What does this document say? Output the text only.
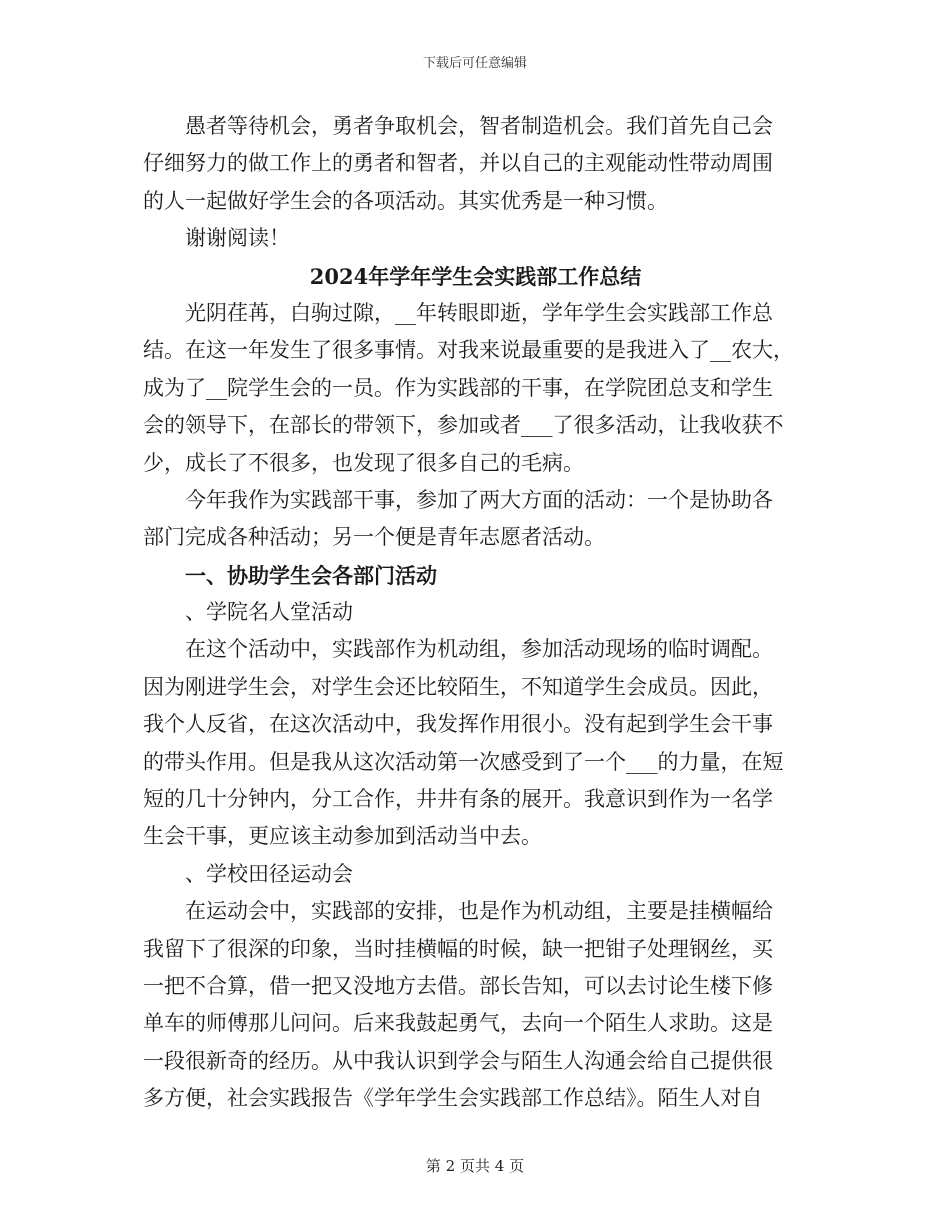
下载后可任意编辑
愚者等待机会，勇者争取机会，智者制造机会。我们首先自己会
仔细努力的做工作上的勇者和智者，并以自己的主观能动性带动周围
的人一起做好学生会的各项活动。其实优秀是一种习惯。
谢谢阅读！
2024年学年学生会实践部工作总结
光阴荏苒，白驹过隙，__年转眼即逝，学年学生会实践部工作总
结。在这一年发生了很多事情。对我来说最重要的是我进入了__农大，
成为了__院学生会的一员。作为实践部的干事，在学院团总支和学生
会的领导下，在部长的带领下，参加或者___了很多活动，让我收获不
少，成长了不很多，也发现了很多自己的毛病。
今年我作为实践部干事，参加了两大方面的活动：一个是协助各
部门完成各种活动；另一个便是青年志愿者活动。
一、协助学生会各部门活动
、学院名人堂活动
在这个活动中，实践部作为机动组，参加活动现场的临时调配。
因为刚进学生会，对学生会还比较陌生，不知道学生会成员。因此，
我个人反省，在这次活动中，我发挥作用很小。没有起到学生会干事
的带头作用。但是我从这次活动第一次感受到了一个___的力量，在短
短的几十分钟内，分工合作，井井有条的展开。我意识到作为一名学
生会干事，更应该主动参加到活动当中去。
、学校田径运动会
在运动会中，实践部的安排，也是作为机动组，主要是挂横幅给
我留下了很深的印象，当时挂横幅的时候，缺一把钳子处理钢丝，买
一把不合算，借一把又没地方去借。部长告知，可以去讨论生楼下修
单车的师傅那儿问问。后来我鼓起勇气，去向一个陌生人求助。这是
一段很新奇的经历。从中我认识到学会与陌生人沟通会给自己提供很
多方便，社会实践报告《学年学生会实践部工作总结》。陌生人对自
第 2 页共 4 页
